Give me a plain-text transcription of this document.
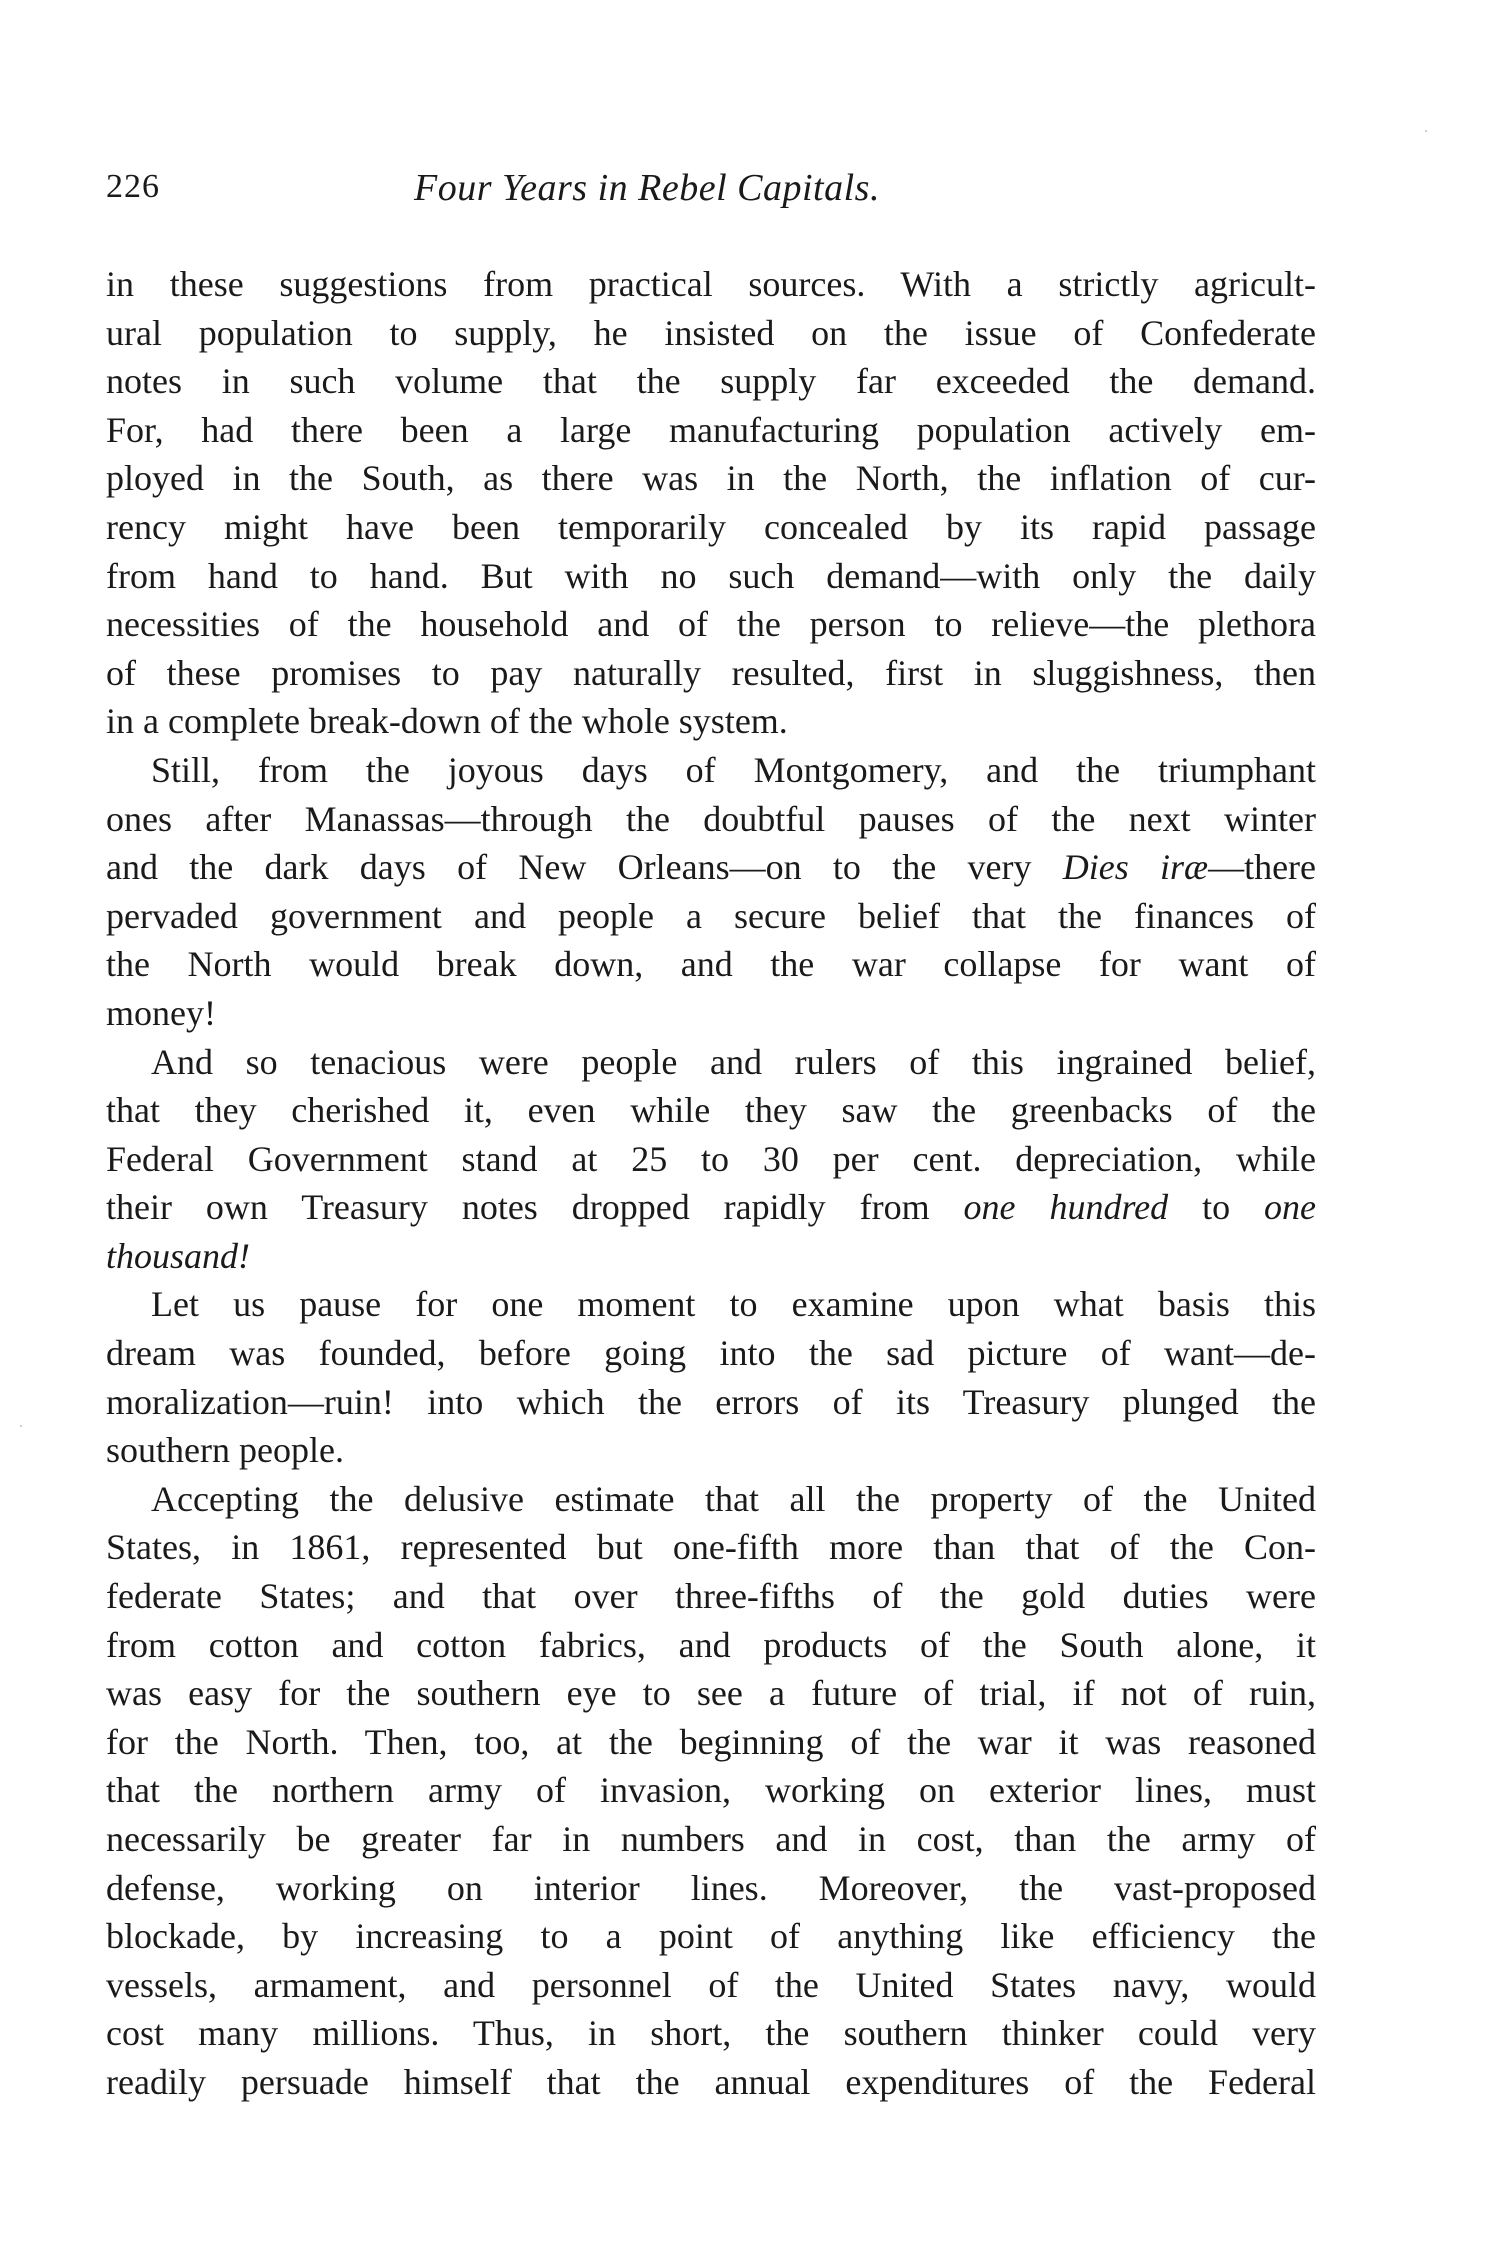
226	Four Years in Rebel Capitals.
in these suggestions from practical sources. With a strictly agricult-
ural population to supply, he insisted on the issue of Confederate
notes in such volume that the supply far exceeded the demand.
For, had there been a large manufacturing population actively em-
ployed in the South, as there was in the North, the inflation of cur-
rency might have been temporarily concealed by its rapid passage
from hand to hand. But with no such demand—with only the daily
necessities of the household and of the person to relieve—the plethora
of these promises to pay naturally resulted, first in sluggishness, then
in a complete break-down of the whole system.
Still, from the joyous days of Montgomery, and the triumphant
ones after Manassas—through the doubtful pauses of the next winter
and the dark days of New Orleans—on to the very Dies iræ—there
pervaded government and people a secure belief that the finances of
the North would break down, and the war collapse for want of
money!
And so tenacious were people and rulers of this ingrained belief,
that they cherished it, even while they saw the greenbacks of the
Federal Government stand at 25 to 30 per cent. depreciation, while
their own Treasury notes dropped rapidly from one hundred to one
thousand!
Let us pause for one moment to examine upon what basis this
dream was founded, before going into the sad picture of want—de-
moralization—ruin! into which the errors of its Treasury plunged the
southern people.
Accepting the delusive estimate that all the property of the United
States, in 1861, represented but one-fifth more than that of the Con-
federate States; and that over three-fifths of the gold duties were
from cotton and cotton fabrics, and products of the South alone, it
was easy for the southern eye to see a future of trial, if not of ruin,
for the North. Then, too, at the beginning of the war it was reasoned
that the northern army of invasion, working on exterior lines, must
necessarily be greater far in numbers and in cost, than the army of
defense, working on interior lines. Moreover, the vast-proposed
blockade, by increasing to a point of anything like efficiency the
vessels, armament, and personnel of the United States navy, would
cost many millions. Thus, in short, the southern thinker could very
readily persuade himself that the annual expenditures of the Federal
